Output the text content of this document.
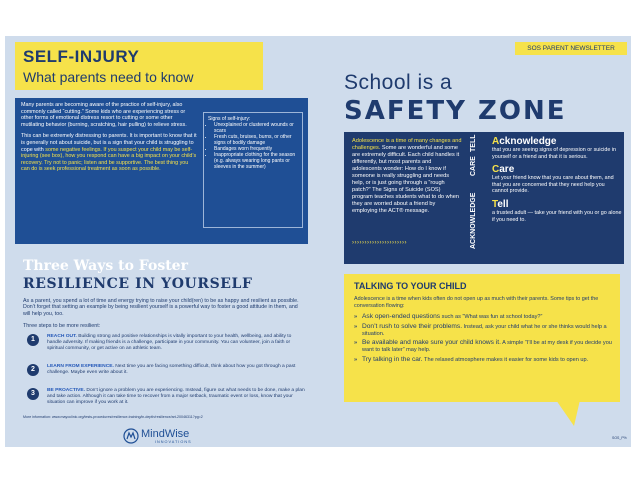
SELF-INJURY
What parents need to know

Many parents are becoming aware of the practice of self-injury, also commonly called “cutting.” Some kids who are experiencing stress or other forms of emotional distress resort to cutting or some other mutilating behavior (burning, scratching, hair pulling) to relieve stress.

This can be extremely distressing to parents. It is important to know that it is generally not about suicide, but is a sign that your child is struggling to cope with some negative feelings. If you suspect your child may be self-injuring (see box), how you respond can have a big impact on your child’s recovery. Try not to panic; listen and be supportive. The best thing you can do is seek professional treatment as soon as possible.

Signs of self-injury:
• Unexplained or clustered wounds or scars
• Fresh cuts, bruises, burns, or other signs of bodily damage
• Bandages worn frequently
• Inappropriate clothing for the season (e.g. always wearing long pants or sleeves in the summer)
Three Ways to Foster
RESILIENCE IN YOURSELF
As a parent, you spend a lot of time and energy trying to raise your child(ren) to be as happy and resilient as possible. Don’t forget that setting an example by being resilient yourself is a powerful way to foster a good attitude in them, and will help you, too.
Three steps to be more resilient:
1	REACH OUT. Building strong and positive relationships is vitally important to your health, wellbeing, and ability to handle adversity. If making friends is a challenge, participate in your community. You can volunteer, join a faith or spiritual community, or get active on an athletic team.
2	LEARN FROM EXPERIENCE. Next time you are facing something difficult, think about how you got through a past challenge. Maybe even write about it.
3	BE PROACTIVE. Don’t ignore a problem you are experiencing. Instead, figure out what needs to be done, make a plan and take action. Although it can take time to recover from a major setback, traumatic event or loss, know that your situation can improve if you work at it.
More information: www.mayoclinic.org/tests-procedures/resilience-training/in-depth/resilience/art-20046311?pg=2
MindWise
INNOVATIONS
SOS PARENT NEWSLETTER
School is a
SAFETY ZONE
Adolescence is a time of many changes and challenges. Some are wonderful and some are extremely difficult. Each child handles it differently, but most parents and adolescents wonder: How do I know if someone is really struggling and needs help, or is just going through a “rough patch?” The Signs of Suicide (SOS) program teaches students what to do when they are worried about a friend by employing the ACT® message.
››››››››››››››››››››››	ACKNOWLEDGE
CARE
TELL	Acknowledge

that you are seeing signs of depression or suicide in yourself or a friend and that it is serious.

Care

Let your friend know that you care about them, and that you are concerned that they need help you cannot provide.

Tell

a trusted adult — take your friend with you or go alone if you need to.

TALKING TO YOUR CHILD
Adolescence is a time when kids often do not open up as much with their parents. Some tips to get the conversation flowing:
» Ask open-ended questions such as “What was fun at school today?”
» Don’t rush to solve their problems. Instead, ask your child what he or she thinks would help a situation.
» Be available and make sure your child knows it. A simple “I’ll be at my desk if you decide you want to talk later” may help.
» Try talking in the car. The relaxed atmosphere makes it easier for some kids to open up.
SOS_P%
